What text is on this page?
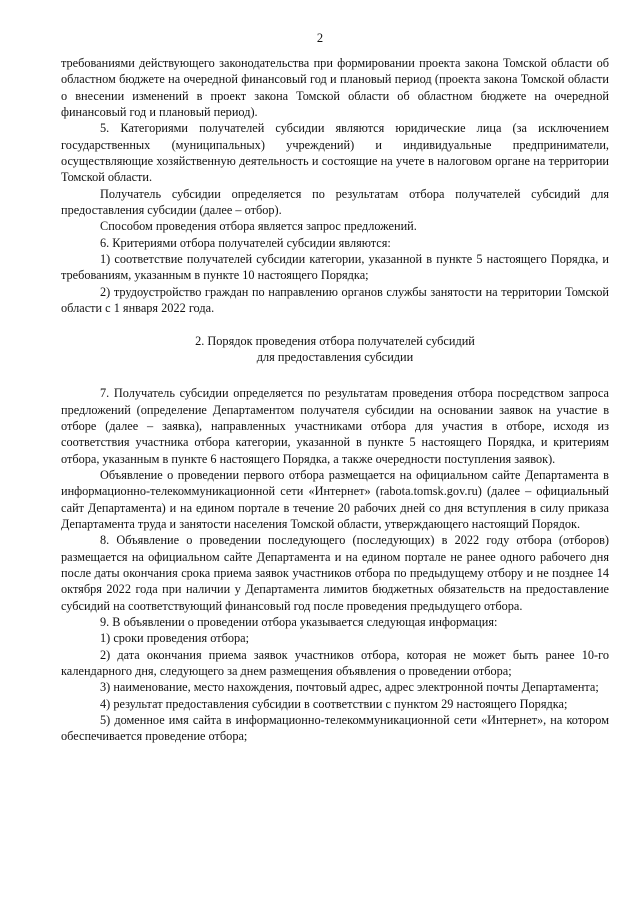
2

требованиями действующего законодательства при формировании проекта закона Томской области об областном бюджете на очередной финансовый год и плановый период (проекта закона Томской области о внесении изменений в проект закона Томской области об областном бюджете на очередной финансовый год и плановый период).

5. Категориями получателей субсидии являются юридические лица (за исключением государственных (муниципальных) учреждений) и индивидуальные предприниматели, осуществляющие хозяйственную деятельность и состоящие на учете в налоговом органе на территории Томской области.

Получатель субсидии определяется по результатам отбора получателей субсидий для предоставления субсидии (далее – отбор).

Способом проведения отбора является запрос предложений.

6. Критериями отбора получателей субсидии являются:

1) соответствие получателей субсидии категории, указанной в пункте 5 настоящего Порядка, и требованиям, указанным в пункте 10 настоящего Порядка;

2) трудоустройство граждан по направлению органов службы занятости на территории Томской области с 1 января 2022 года.

2. Порядок проведения отбора получателей субсидий
для предоставления субсидии

7. Получатель субсидии определяется по результатам проведения отбора посредством запроса предложений (определение Департаментом получателя субсидии на основании заявок на участие в отборе (далее – заявка), направленных участниками отбора для участия в отборе, исходя из соответствия участника отбора категории, указанной в пункте 5 настоящего Порядка, и критериям отбора, указанным в пункте 6 настоящего Порядка, а также очередности поступления заявок).

Объявление о проведении первого отбора размещается на официальном сайте Департамента в информационно-телекоммуникационной сети «Интернет» (rabota.tomsk.gov.ru) (далее – официальный сайт Департамента) и на едином портале в течение 20 рабочих дней со дня вступления в силу приказа Департамента труда и занятости населения Томской области, утверждающего настоящий Порядок.

8. Объявление о проведении последующего (последующих) в 2022 году отбора (отборов) размещается на официальном сайте Департамента и на едином портале не ранее одного рабочего дня после даты окончания срока приема заявок участников отбора по предыдущему отбору и не позднее 14 октября 2022 года при наличии у Департамента лимитов бюджетных обязательств на предоставление субсидий на соответствующий финансовый год после проведения предыдущего отбора.

9. В объявлении о проведении отбора указывается следующая информация:

1) сроки проведения отбора;

2) дата окончания приема заявок участников отбора, которая не может быть ранее 10-го календарного дня, следующего за днем размещения объявления о проведении отбора;

3) наименование, место нахождения, почтовый адрес, адрес электронной почты Департамента;

4) результат предоставления субсидии в соответствии с пунктом 29 настоящего Порядка;

5) доменное имя сайта в информационно-телекоммуникационной сети «Интернет», на котором обеспечивается проведение отбора;
